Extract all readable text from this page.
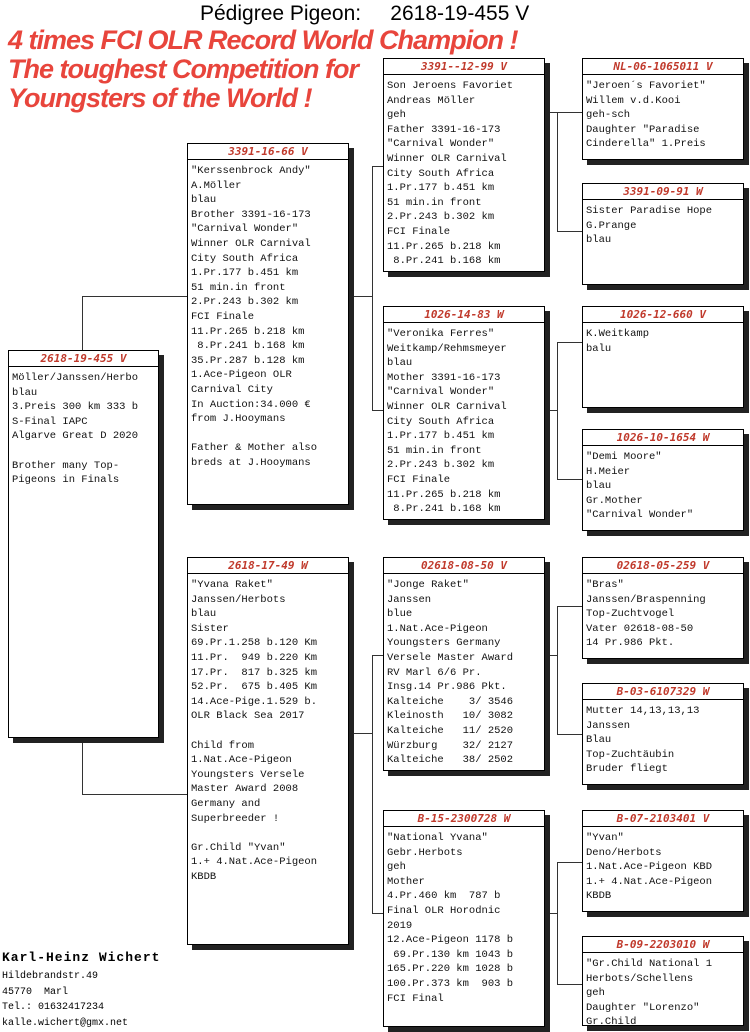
Pédigree Pigeon:     2618-19-455 V
4 times FCI OLR Record World Champion !
The toughest Competition for
Youngsters of the World !
2618-19-455 V
Möller/Janssen/Herbo
blau
3.Preis 300 km 333 b
S-Final IAPC
Algarve Great D 2020

Brother many Top-
Pigeons in Finals
3391-16-66 V
"Kerssenbrock Andy"
A.Möller
blau
Brother 3391-16-173
"Carnival Wonder"
Winner OLR Carnival
City South Africa
1.Pr.177 b.451 km
51 min.in front
2.Pr.243 b.302 km
FCI Finale
11.Pr.265 b.218 km
8.Pr.241 b.168 km
35.Pr.287 b.128 km
1.Ace-Pigeon OLR
Carnival City
In Auction:34.000 €
from J.Hooymans

Father & Mother also
breds at J.Hooymans
2618-17-49 W
"Yvana Raket"
Janssen/Herbots
blau
Sister
69.Pr.1.258 b.120 Km
11.Pr.  949 b.220 Km
17.Pr.  817 b.325 km
52.Pr.  675 b.405 Km
14.Ace-Pige.1.529 b.
OLR Black Sea 2017

Child from
1.Nat.Ace-Pigeon
Youngsters Versele
Master Award 2008
Germany and
Superbreeder !

Gr.Child "Yvan"
1.+ 4.Nat.Ace-Pigeon
KBDB
3391--12-99 V
Son Jeroens Favoriet
Andreas Möller
geh
Father 3391-16-173
"Carnival Wonder"
Winner OLR Carnival
City South Africa
1.Pr.177 b.451 km
51 min.in front
2.Pr.243 b.302 km
FCI Finale
11.Pr.265 b.218 km
8.Pr.241 b.168 km
1026-14-83 W
"Veronika Ferres"
Weitkamp/Rehmsmeyer
blau
Mother 3391-16-173
"Carnival Wonder"
Winner OLR Carnival
City South Africa
1.Pr.177 b.451 km
51 min.in front
2.Pr.243 b.302 km
FCI Finale
11.Pr.265 b.218 km
8.Pr.241 b.168 km
02618-08-50 V
"Jonge Raket"
Janssen
blue
1.Nat.Ace-Pigeon
Youngsters Germany
Versele Master Award
RV Marl 6/6 Pr.
Insg.14 Pr.986 Pkt.
Kalteiche    3/ 3546
Kleinosth   10/ 3082
Kalteiche   11/ 2520
Würzburg    32/ 2127
Kalteiche   38/ 2502
B-15-2300728 W
"National Yvana"
Gebr.Herbots
geh
Mother
4.Pr.460 km  787 b
Final OLR Horodnic
2019
12.Ace-Pigeon 1178 b
69.Pr.130 km 1043 b
165.Pr.220 km 1028 b
100.Pr.373 km  903 b
FCI Final
NL-06-1065011 V
"Jeroen´s Favoriet"
Willem v.d.Kooi
geh-sch
Daughter "Paradise
Cinderella" 1.Preis
3391-09-91 W
Sister Paradise Hope
G.Prange
blau
1026-12-660 V
K.Weitkamp
balu
1026-10-1654 W
"Demi Moore"
H.Meier
blau
Gr.Mother
"Carnival Wonder"
02618-05-259 V
"Bras"
Janssen/Braspenning
Top-Zuchtvogel
Vater 02618-08-50
14 Pr.986 Pkt.
B-03-6107329 W
Mutter 14,13,13,13
Janssen
Blau
Top-Zuchtäubin
Bruder fliegt
B-07-2103401 V
"Yvan"
Deno/Herbots
1.Nat.Ace-Pigeon KBD
1.+ 4.Nat.Ace-Pigeon
KBDB
B-09-2203010 W
"Gr.Child National 1
Herbots/Schellens
geh
Daughter "Lorenzo"
Gr.Child
Karl-Heinz Wichert
Hildebrandstr.49
45770  Marl
Tel.: 01632417234
kalle.wichert@gmx.net
